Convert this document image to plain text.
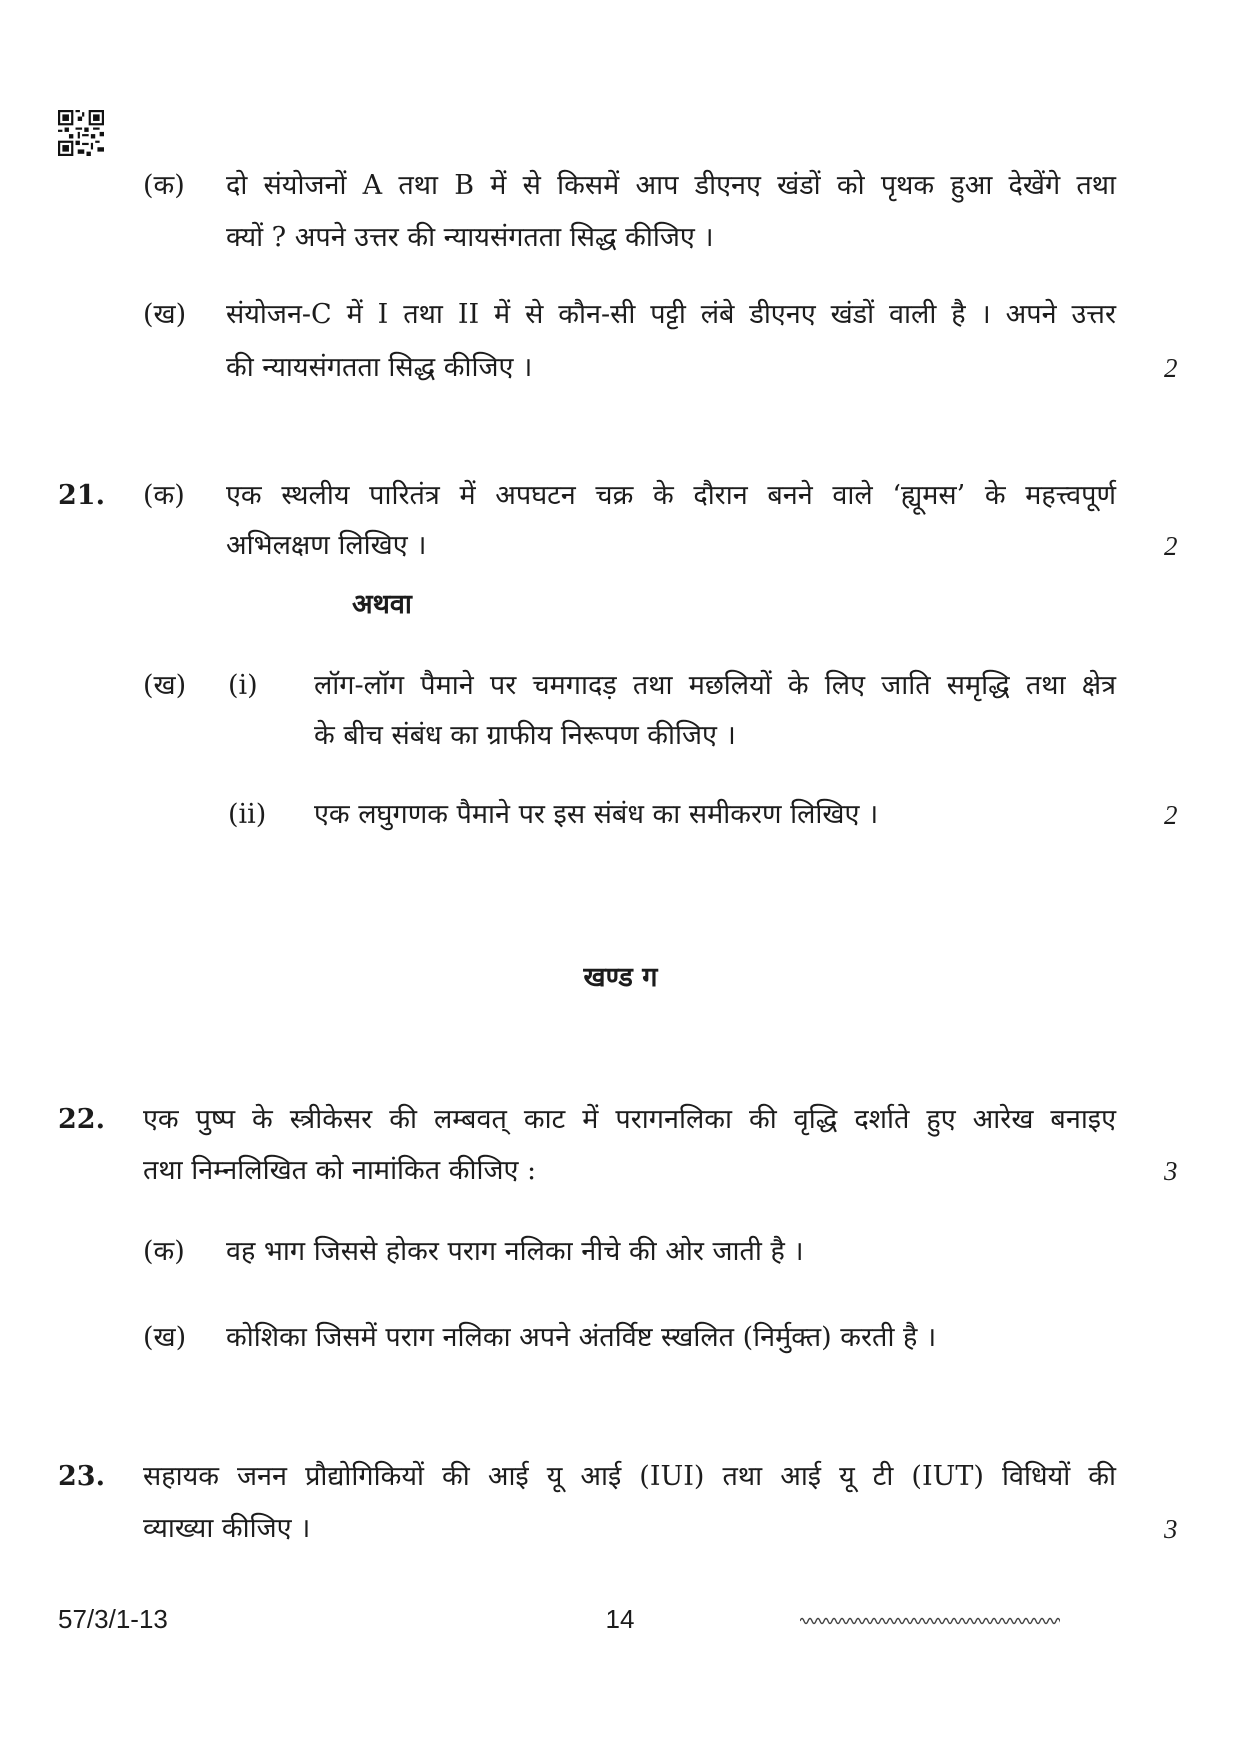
(क) दो संयोजनों A तथा B में से किसमें आप डीएनए खंडों को पृथक हुआ देखेंगे तथा
क्यों ? अपने उत्तर की न्यायसंगतता सिद्ध कीजिए ।
(ख) संयोजन-C में I तथा II में से कौन-सी पट्टी लंबे डीएनए खंडों वाली है । अपने उत्तर
की न्यायसंगतता सिद्ध कीजिए ।	2
21. (क) एक स्थलीय पारितंत्र में अपघटन चक्र के दौरान बनने वाले ‘ह्यूमस’ के महत्त्वपूर्ण
अभिलक्षण लिखिए ।	2
अथवा
(ख) (i) लॉग-लॉग पैमाने पर चमगादड़ तथा मछलियों के लिए जाति समृद्धि तथा क्षेत्र
के बीच संबंध का ग्राफीय निरूपण कीजिए ।
(ii) एक लघुगणक पैमाने पर इस संबंध का समीकरण लिखिए ।	2
खण्ड ग
22. एक पुष्प के स्त्रीकेसर की लम्बवत् काट में परागनलिका की वृद्धि दर्शाते हुए आरेख बनाइए
तथा निम्नलिखित को नामांकित कीजिए :	3
(क) वह भाग जिससे होकर पराग नलिका नीचे की ओर जाती है ।
(ख) कोशिका जिसमें पराग नलिका अपने अंतर्विष्ट स्खलित (निर्मुक्त) करती है ।
23. सहायक जनन प्रौद्योगिकियों की आई यू आई (IUI) तथा आई यू टी (IUT) विधियों की
व्याख्या कीजिए ।	3
57/3/1-13	14
